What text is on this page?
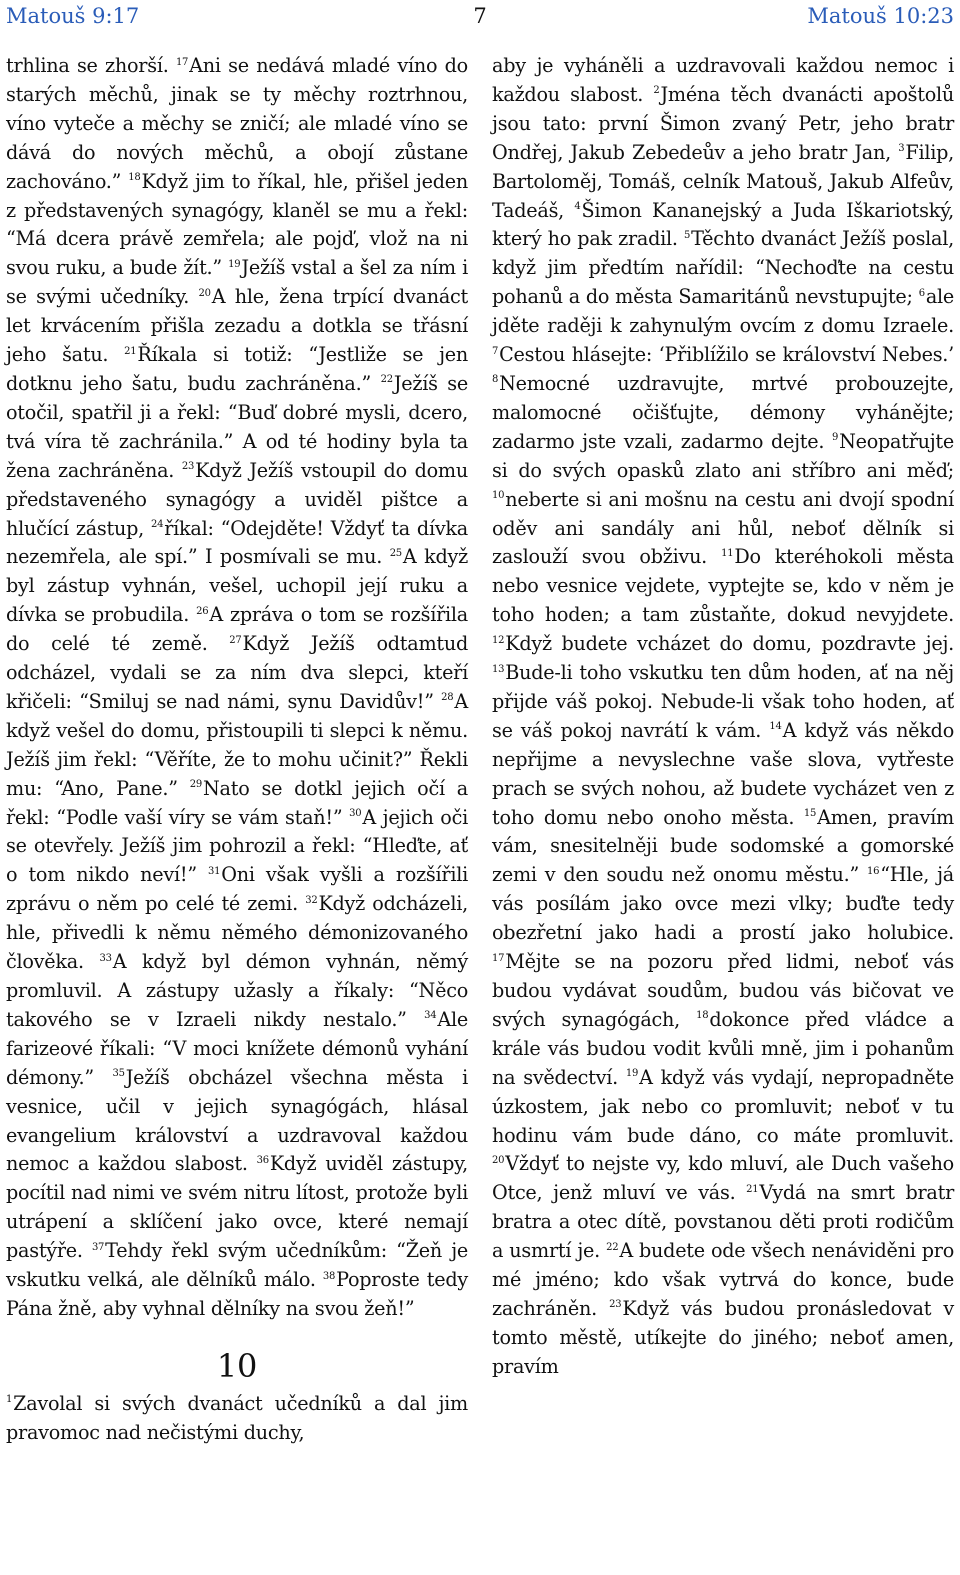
Matouš 9:17	7	Matouš 10:23

trhlina se zhorší. $^{17}$Ani se nedává mladé víno do starých měchů, jinak se ty měchy roztrhnou, víno vyteče a měchy se zničí; ale mladé víno se dává do nových měchů, a obojí zůstane zachováno.” $^{18}$Když jim to říkal, hle, přišel jeden z představených synagógy, klaněl se mu a řekl: “Má dcera právě zemřela; ale pojď, vlož na ni svou ruku, a bude žít.” $^{19}$Ježíš vstal a šel za ním i se svými učedníky. $^{20}$A hle, žena trpící dvanáct let krvácením přišla zezadu a dotkla se třásní jeho šatu. $^{21}$Říkala si totiž: “Jestliže se jen dotknu jeho šatu, budu zachráněna.” $^{22}$Ježíš se otočil, spatřil ji a řekl: “Buď dobré mysli, dcero, tvá víra tě zachránila.” A od té hodiny byla ta žena zachráněna. $^{23}$Když Ježíš vstoupil do domu představeného synagógy a uviděl pištce a hlučící zástup, $^{24}$říkal: “Odejděte! Vždyť ta dívka nezemřela, ale spí.” I posmívali se mu. $^{25}$A když byl zástup vyhnán, vešel, uchopil její ruku a dívka se probudila. $^{26}$A zpráva o tom se rozšířila do celé té země. $^{27}$Když Ježíš odtamtud odcházel, vydali se za ním dva slepci, kteří křičeli: “Smiluj se nad námi, synu Davidův!” $^{28}$A když vešel do domu, přistoupili ti slepci k němu. Ježíš jim řekl: “Věříte, že to mohu učinit?” Řekli mu: “Ano, Pane.” $^{29}$Nato se dotkl jejich očí a řekl: “Podle vaší víry se vám staň!” $^{30}$A jejich oči se otevřely. Ježíš jim pohrozil a řekl: “Hleďte, ať o tom nikdo neví!” $^{31}$Oni však vyšli a rozšířili zprávu o něm po celé té zemi. $^{32}$Když odcházeli, hle, přivedli k němu němého démonizovaného člověka. $^{33}$A když byl démon vyhnán, němý promluvil. A zástupy užasly a říkaly: “Něco takového se v Izraeli nikdy nestalo.” $^{34}$Ale farizeové říkali: “V moci knížete démonů vyhání démony.” $^{35}$Ježíš obcházel všechna města i vesnice, učil v jejich synagógách, hlásal evangelium království a uzdravoval každou nemoc a každou slabost. $^{36}$Když uviděl zástupy, pocítil nad nimi ve svém nitru lítost, protože byli utrápení a sklíčení jako ovce, které nemají pastýře. $^{37}$Tehdy řekl svým učedníkům: “Žeň je vskutku velká, ale dělníků málo. $^{38}$Poproste tedy Pána žně, aby vyhnal dělníky na svou žeň!”

10

$^1$Zavolal si svých dvanáct učedníků a dal jim pravomoc nad nečistými duchy,

aby je vyháněli a uzdravovali každou nemoc i každou slabost. $^2$Jména těch dvanácti apoštolů jsou tato: první Šimon zvaný Petr, jeho bratr Ondřej, Jakub Zebedeův a jeho bratr Jan, $^3$Filip, Bartoloměj, Tomáš, celník Matouš, Jakub Alfeův, Tadeáš, $^4$Šimon Kananejský a Juda Iškariotský, který ho pak zradil. $^5$Těchto dvanáct Ježíš poslal, když jim předtím nařídil: “Nechoďte na cestu pohanů a do města Samaritánů nevstupujte; $^6$ale jděte raději k zahynulým ovcím z domu Izraele. $^7$Cestou hlásejte: ‘Přiblížilo se království Nebes.’ $^8$Nemocné uzdravujte, mrtvé probouzejte, malomocné očišťujte, démony vyhánějte; zadarmo jste vzali, zadarmo dejte. $^9$Neopatřujte si do svých opasků zlato ani stříbro ani měď; $^{10}$neberte si ani mošnu na cestu ani dvojí spodní oděv ani sandály ani hůl, neboť dělník si zaslouží svou obživu. $^{11}$Do kteréhokoli města nebo vesnice vejdete, vyptejte se, kdo v něm je toho hoden; a tam zůstaňte, dokud nevyjdete. $^{12}$Když budete vcházet do domu, pozdravte jej. $^{13}$Bude-li toho vskutku ten dům hoden, ať na něj přijde váš pokoj. Nebude-li však toho hoden, ať se váš pokoj navrátí k vám. $^{14}$A když vás někdo nepřijme a nevyslechne vaše slova, vytřeste prach se svých nohou, až budete vycházet ven z toho domu nebo onoho města. $^{15}$Amen, pravím vám, snesitelněji bude sodomské a gomorské zemi v den soudu než onomu městu.” $^{16}$“Hle, já vás posílám jako ovce mezi vlky; buďte tedy obezřetní jako hadi a prostí jako holubice. $^{17}$Mějte se na pozoru před lidmi, neboť vás budou vydávat soudům, budou vás bičovat ve svých synagógách, $^{18}$dokonce před vládce a krále vás budou vodit kvůli mně, jim i pohanům na svědectví. $^{19}$A když vás vydají, nepropadněte úzkostem, jak nebo co promluvit; neboť v tu hodinu vám bude dáno, co máte promluvit. $^{20}$Vždyť to nejste vy, kdo mluví, ale Duch vašeho Otce, jenž mluví ve vás. $^{21}$Vydá na smrt bratr bratra a otec dítě, povstanou děti proti rodičům a usmrtí je. $^{22}$A budete ode všech nenáviděni pro mé jméno; kdo však vytrvá do konce, bude zachráněn. $^{23}$Když vás budou pronásledovat v tomto městě, utíkejte do jiného; neboť amen, pravím
